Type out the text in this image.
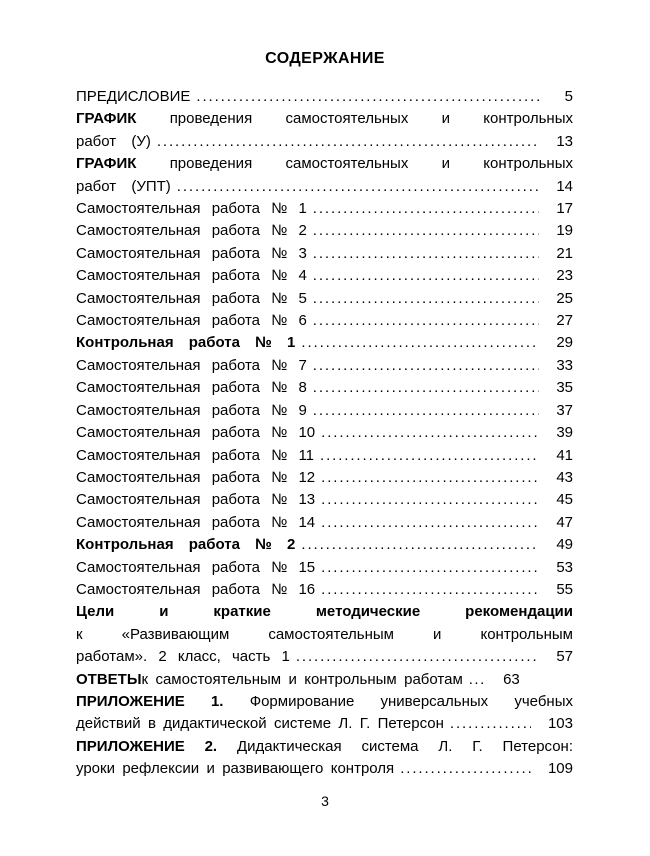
СОДЕРЖАНИЕ
ПРЕДИСЛОВИЕ .....	5
ГРАФИК проведения самостоятельных и контрольных
работ (У) .....	13
ГРАФИК проведения самостоятельных и контрольных
работ (УПТ) .....	14
Самостоятельная работа № 1 .....	17
Самостоятельная работа № 2 .....	19
Самостоятельная работа № 3 .....	21
Самостоятельная работа № 4 .....	23
Самостоятельная работа № 5 .....	25
Самостоятельная работа № 6 .....	27
Контрольная работа № 1 .....	29
Самостоятельная работа № 7 .....	33
Самостоятельная работа № 8 .....	35
Самостоятельная работа № 9 .....	37
Самостоятельная работа № 10 .....	39
Самостоятельная работа № 11 .....	41
Самостоятельная работа № 12 .....	43
Самостоятельная работа № 13 .....	45
Самостоятельная работа № 14 .....	47
Контрольная работа № 2 .....	49
Самостоятельная работа № 15 .....	53
Самостоятельная работа № 16 .....	55
Цели и краткие методические рекомендации
к «Развивающим самостоятельным и контрольным
работам». 2 класс, часть 1 .....	57
ОТВЕТЫ к самостоятельным и контрольным работам ...	63
ПРИЛОЖЕНИЕ 1. Формирование универсальных учебных
действий в дидактической системе Л. Г. Петерсон .....	103
ПРИЛОЖЕНИЕ 2. Дидактическая система Л. Г. Петерсон:
уроки рефлексии и развивающего контроля .....	109
3
